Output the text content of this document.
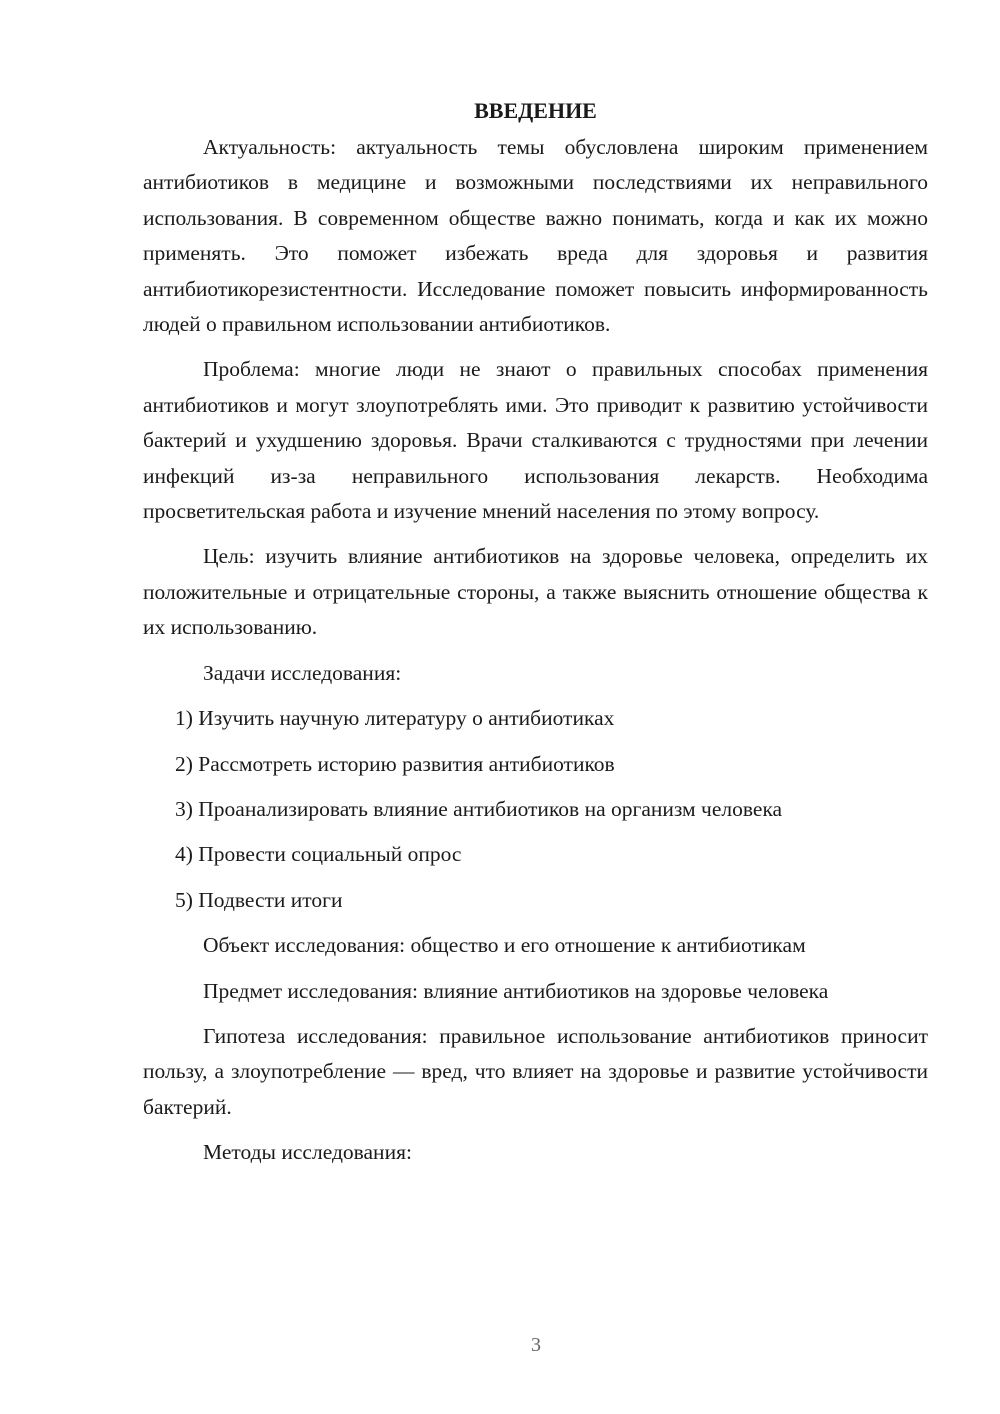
ВВЕДЕНИЕ

Актуальность: актуальность темы обусловлена широким применением антибиотиков в медицине и возможными последствиями их неправильного использования. В современном обществе важно понимать, когда и как их можно применять. Это поможет избежать вреда для здоровья и развития антибиотикорезистентности. Исследование поможет повысить информированность людей о правильном использовании антибиотиков.

Проблема: многие люди не знают о правильных способах применения антибиотиков и могут злоупотреблять ими. Это приводит к развитию устойчивости бактерий и ухудшению здоровья. Врачи сталкиваются с трудностями при лечении инфекций из-за неправильного использования лекарств. Необходима просветительская работа и изучение мнений населения по этому вопросу.

Цель: изучить влияние антибиотиков на здоровье человека, определить их положительные и отрицательные стороны, а также выяснить отношение общества к их использованию.

Задачи исследования:

1) Изучить научную литературу о антибиотиках

2) Рассмотреть историю развития антибиотиков

3) Проанализировать влияние антибиотиков на организм человека

4) Провести социальный опрос

5) Подвести итоги

Объект исследования: общество и его отношение к антибиотикам

Предмет исследования: влияние антибиотиков на здоровье человека

Гипотеза исследования: правильное использование антибиотиков приносит пользу, а злоупотребление — вред, что влияет на здоровье и развитие устойчивости бактерий.

Методы исследования:

3
